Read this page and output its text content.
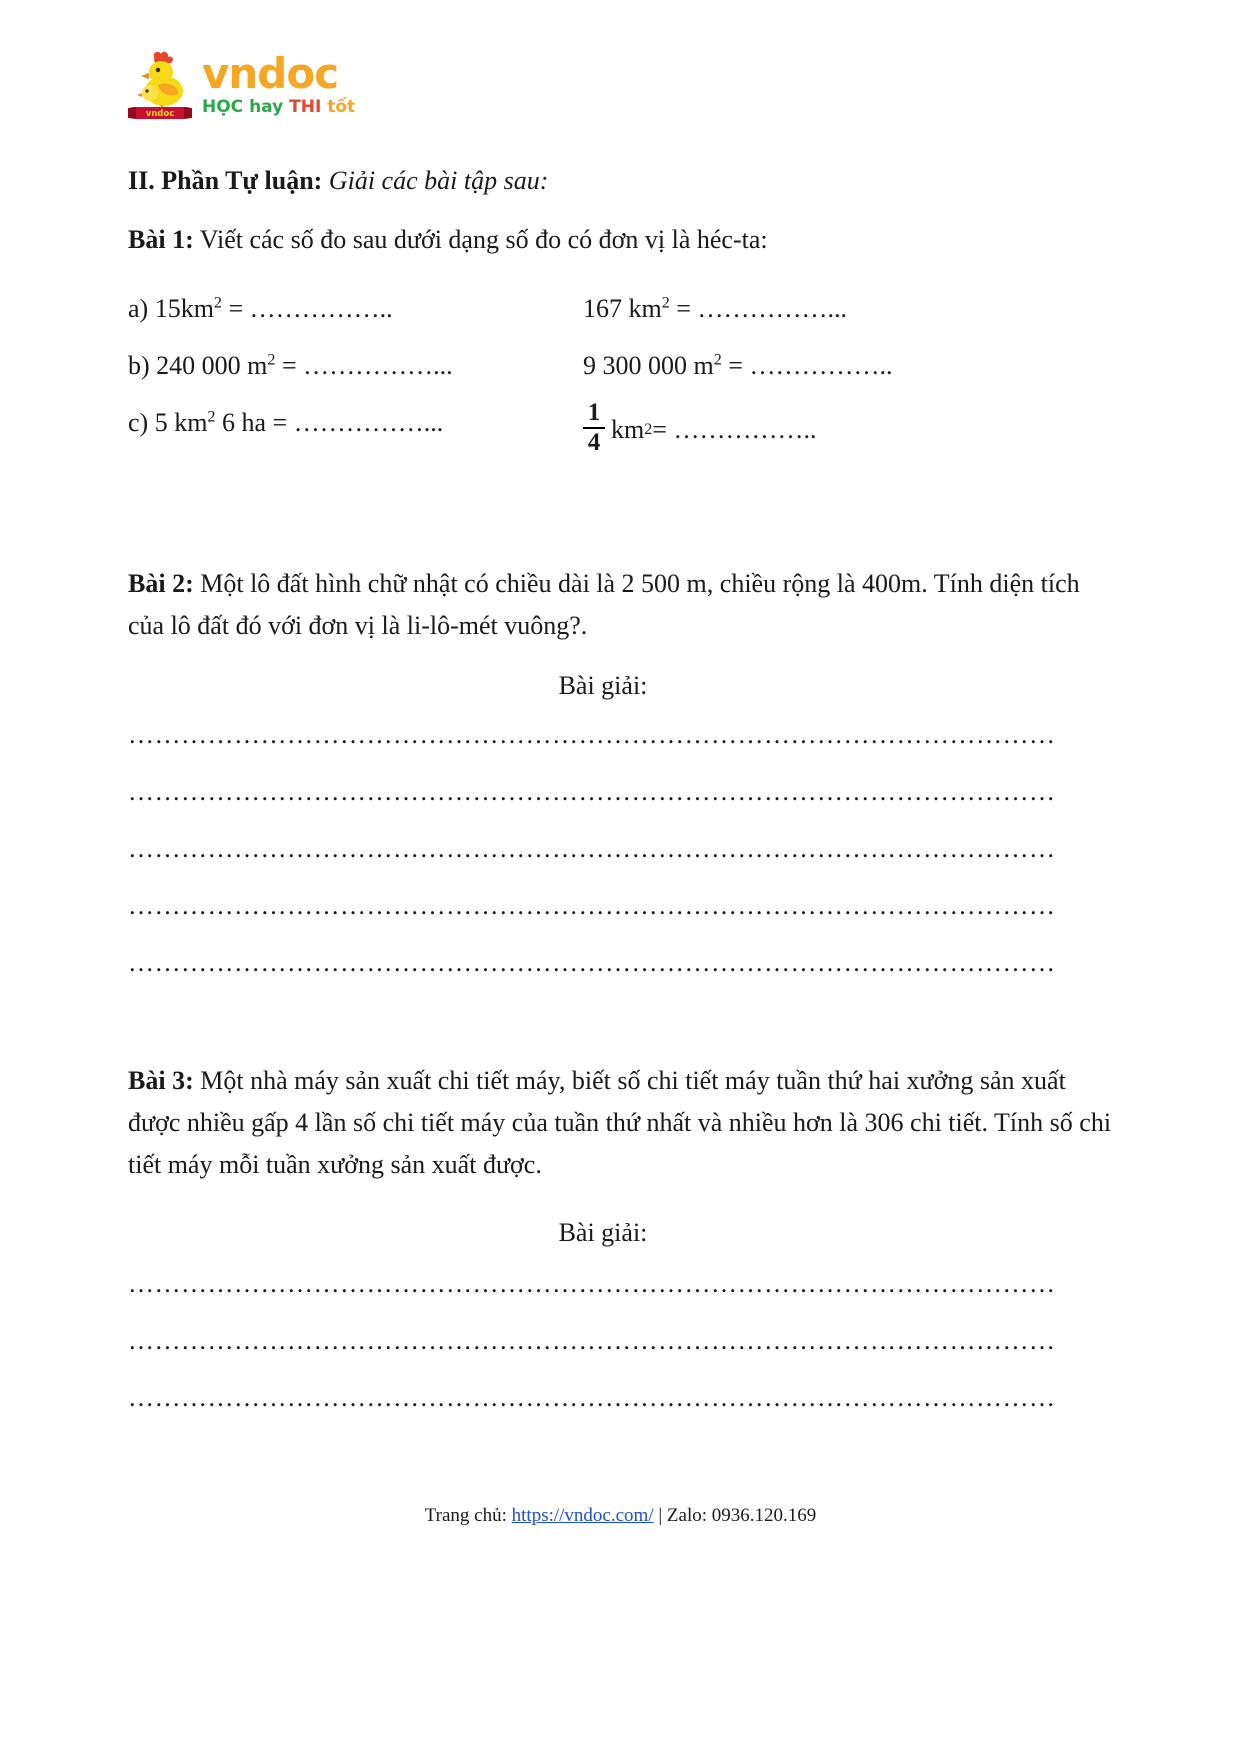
vndoc
vndoc
HỌC hay THI tốt

II. Phần Tự luận: Giải các bài tập sau:

Bài 1: Viết các số đo sau dưới dạng số đo có đơn vị là héc-ta:

a) $15km^2$ = ……………..	167 $km^2$ = ……………...

b) 240 000 $m^2$ = ……………...	9 300 000 $m^2$ = ……………..

c) 5 $km^2$ 6 ha = ……………...	$\frac{1}{4}$ km 2 = ……………..

Bài 2: Một lô đất hình chữ nhật có chiều dài là 2 500 m, chiều rộng là 400m. Tính diện tích của lô đất đó với đơn vị là li-lô-mét vuông?.

Bài giải:

……………………………………………………………………………………………
……………………………………………………………………………………………
……………………………………………………………………………………………
……………………………………………………………………………………………
……………………………………………………………………………………………

Bài 3: Một nhà máy sản xuất chi tiết máy, biết số chi tiết máy tuần thứ hai xưởng sản xuất được nhiều gấp 4 lần số chi tiết máy của tuần thứ nhất và nhiều hơn là 306 chi tiết. Tính số chi tiết máy mỗi tuần xưởng sản xuất được.

Bài giải:

……………………………………………………………………………………………
……………………………………………………………………………………………
……………………………………………………………………………………………
Trang chủ: https://vndoc.com/ | Zalo: 0936.120.169
